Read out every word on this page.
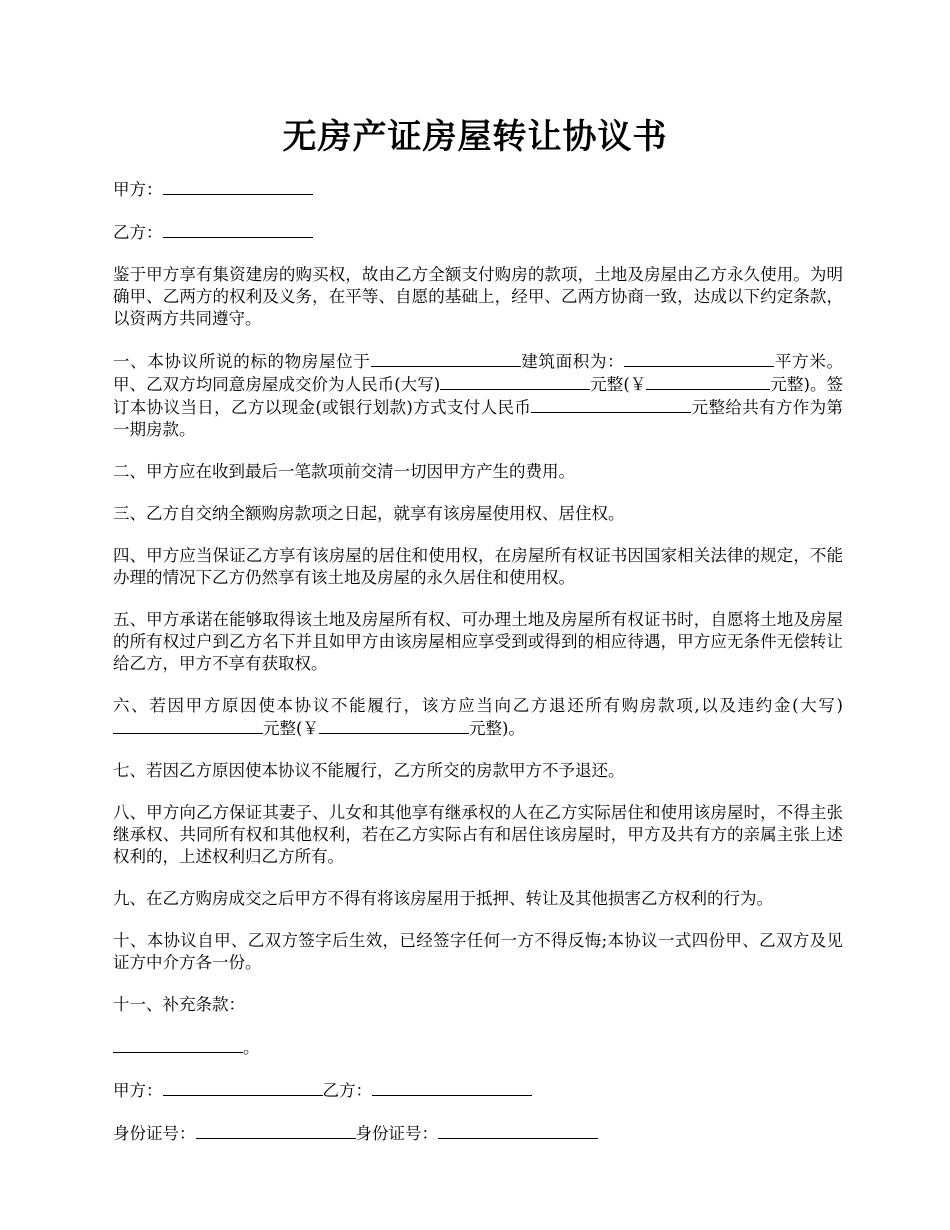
无房产证房屋转让协议书

甲方：

乙方：

鉴于甲方享有集资建房的购买权，故由乙方全额支付购房的款项，土地及房屋由乙方永久使用。为明确甲、乙两方的权利及义务，在平等、自愿的基础上，经甲、乙两方协商一致，达成以下约定条款，以资两方共同遵守。

一、本协议所说的标的物房屋位于	建筑面积为：	平方米。甲、乙双方均同意房屋成交价为人民币(大写)	元整(￥	元整)。签订本协议当日，乙方以现金(或银行划款)方式支付人民币	元整给共有方作为第一期房款。

二、甲方应在收到最后一笔款项前交清一切因甲方产生的费用。

三、乙方自交纳全额购房款项之日起，就享有该房屋使用权、居住权。

四、甲方应当保证乙方享有该房屋的居住和使用权，在房屋所有权证书因国家相关法律的规定，不能办理的情况下乙方仍然享有该土地及房屋的永久居住和使用权。

五、甲方承诺在能够取得该土地及房屋所有权、可办理土地及房屋所有权证书时，自愿将土地及房屋的所有权过户到乙方名下并且如甲方由该房屋相应享受到或得到的相应待遇，甲方应无条件无偿转让给乙方，甲方不享有获取权。

六、若因甲方原因使本协议不能履行，该方应当向乙方退还所有购房款项,以及违约金(大写)元整(￥	元整)。

七、若因乙方原因使本协议不能履行，乙方所交的房款甲方不予退还。

八、甲方向乙方保证其妻子、儿女和其他享有继承权的人在乙方实际居住和使用该房屋时，不得主张继承权、共同所有权和其他权利，若在乙方实际占有和居住该房屋时，甲方及共有方的亲属主张上述权利的，上述权利归乙方所有。

九、在乙方购房成交之后甲方不得有将该房屋用于抵押、转让及其他损害乙方权利的行为。

十、本协议自甲、乙双方签字后生效，已经签字任何一方不得反悔;本协议一式四份甲、乙双方及见证方中介方各一份。

十一、补充条款：

。

甲方：	乙方：

身份证号：	身份证号：
